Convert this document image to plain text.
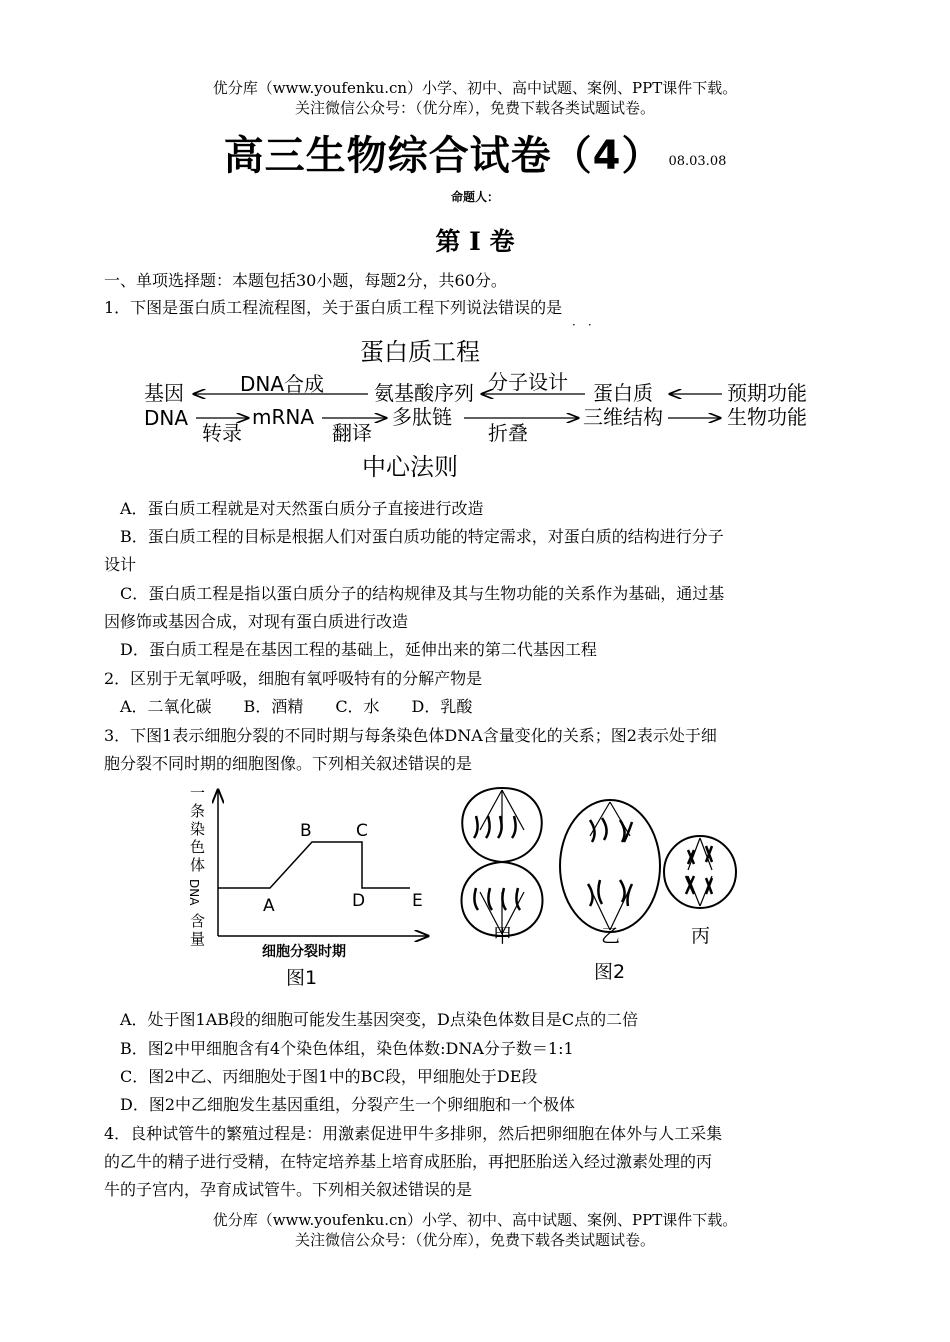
优分库（www.youfenku.cn）小学、初中、高中试题、案例、PPT课件下载。
关注微信公众号：（优分库），免费下载各类试题试卷。
高三生物综合试卷（4） $^{08.03.08}$
命题人：
第 I 卷
一、单项选择题：本题包括30小题，每题2分，共60分。
1．下图是蛋白质工程流程图，关于蛋白质工程下列说法错误的是
··
蛋白质工程
基因
DNA
DNA合成 氨基酸序列 分子设计 蛋白质	预期功能
mRNA	多肽链	三维结构	生物功能
转录	翻译	折叠
中心法则
A．蛋白质工程就是对天然蛋白质分子直接进行改造
B．蛋白质工程的目标是根据人们对蛋白质功能的特定需求，对蛋白质的结构进行分子
设计
C．蛋白质工程是指以蛋白质分子的结构规律及其与生物功能的关系作为基础，通过基
因修饰或基因合成，对现有蛋白质进行改造
D．蛋白质工程是在基因工程的基础上，延伸出来的第二代基因工程
2．区别于无氧呼吸，细胞有氧呼吸特有的分解产物是
A．二氧化碳　　B．酒精　　C．水　　D．乳酸
3．下图1表示细胞分裂的不同时期与每条染色体DNA含量变化的关系；图2表示处于细
胞分裂不同时期的细胞图像。下列相关叙述错误的是
一
条
染
色
体
DNA
含
量
A
B	C
D	E
细胞分裂时期
图1
甲	乙	丙
图2
A．处于图1AB段的细胞可能发生基因突变，D点染色体数目是C点的二倍
B．图2中甲细胞含有4个染色体组，染色体数:DNA分子数＝1:1
C．图2中乙、丙细胞处于图1中的BC段，甲细胞处于DE段
D．图2中乙细胞发生基因重组，分裂产生一个卵细胞和一个极体
4．良种试管牛的繁殖过程是：用激素促进甲牛多排卵，然后把卵细胞在体外与人工采集
的乙牛的精子进行受精，在特定培养基上培育成胚胎，再把胚胎送入经过激素处理的丙
牛的子宫内，孕育成试管牛。下列相关叙述错误的是
优分库（www.youfenku.cn）小学、初中、高中试题、案例、PPT课件下载。
关注微信公众号：（优分库），免费下载各类试题试卷。
